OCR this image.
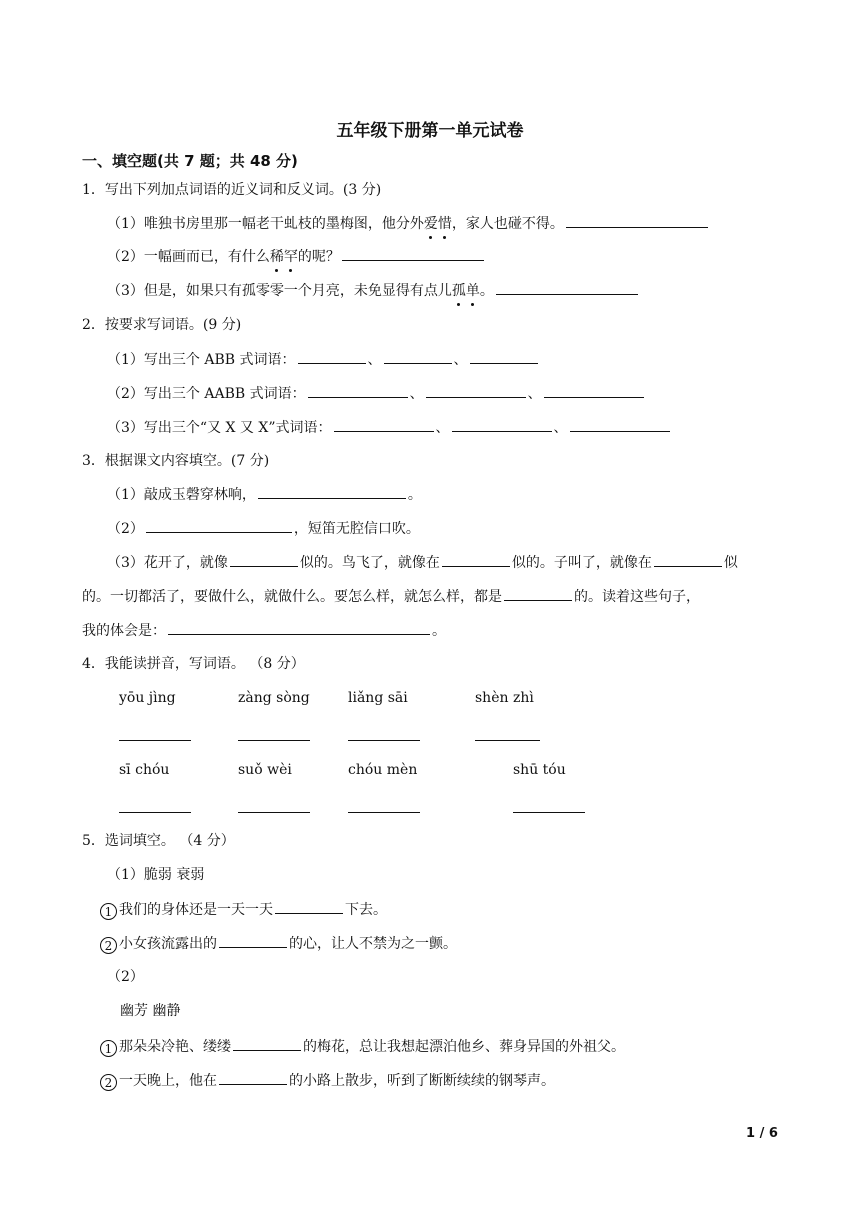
五年级下册第一单元试卷
一、填空题(共 7 题；共 48 分)
1．写出下列加点词语的近义词和反义词。(3 分)
（1）唯独书房里那一幅老干虬枝的墨梅图，他分外爱惜，家人也碰不得。
（2）一幅画而已，有什么稀罕的呢？
（3）但是，如果只有孤零零一个月亮，未免显得有点儿孤单。
2．按要求写词语。(9 分)
（1）写出三个 ABB 式词语：	、	、
（2）写出三个 AABB 式词语：	、	、
（3）写出三个“又 X 又 X”式词语：	、	、
3．根据课文内容填空。(7 分)
（1）敲成玉磬穿林响，	。
（2）	，短笛无腔信口吹。
（3）花开了，就像	似的。鸟飞了，就像在	似的。子叫了，就像在	似
的。一切都活了，要做什么，就做什么。要怎么样，就怎么样，都是	的。读着这些句子，
我的体会是：	。
4．我能读拼音，写词语。 （8 分）
yōu jìng	zàng sòng	liǎng sāi	shèn zhì
sī chóu	suǒ wèi	chóu mèn	shū tóu
5．选词填空。 （4 分）
（1）脆弱 衰弱
1 我们的身体还是一天一天	下去。
2 小女孩流露出的	的心，让人不禁为之一颤。
（2）
幽芳 幽静
1 那朵朵冷艳、缕缕	的梅花，总让我想起漂泊他乡、葬身异国的外祖父。
2 一天晚上，他在	的小路上散步，听到了断断续续的钢琴声。
1 / 6
